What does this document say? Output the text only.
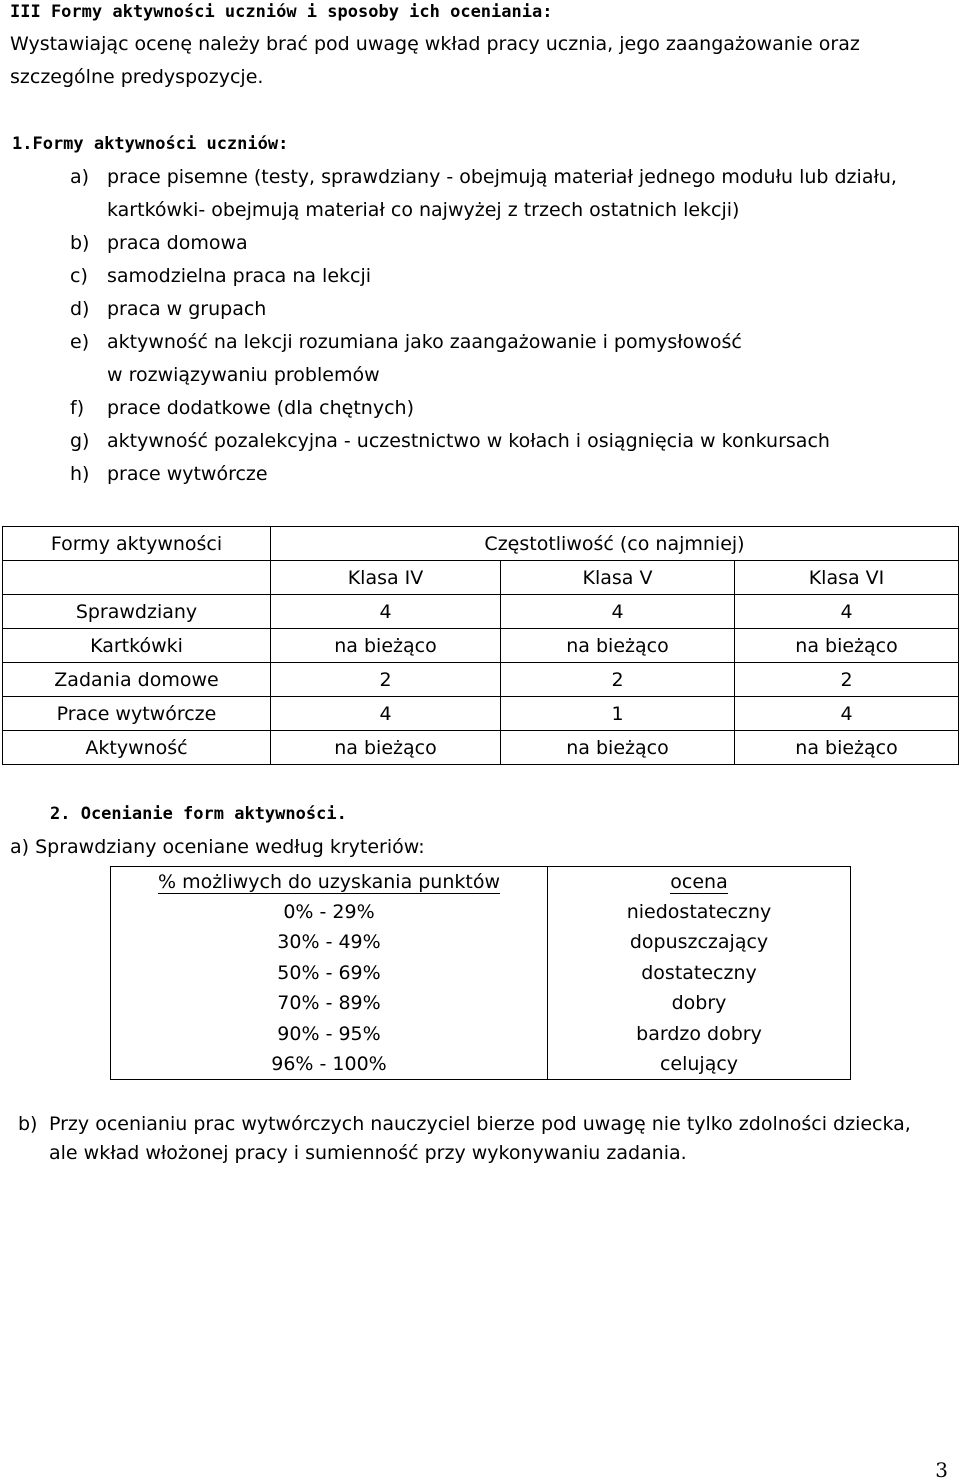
III Formy aktywności uczniów i sposoby ich oceniania:
Wystawiając ocenę należy brać pod uwagę wkład pracy ucznia, jego zaangażowanie oraz
szczególne predyspozycje.
1.Formy aktywności uczniów:
a) prace pisemne (testy, sprawdziany - obejmują materiał jednego modułu lub działu,
kartkówki- obejmują materiał co najwyżej z trzech ostatnich lekcji)
b) praca domowa
c) samodzielna praca na lekcji
d) praca w grupach
e) aktywność na lekcji rozumiana jako zaangażowanie i pomysłowość
w rozwiązywaniu problemów
f) prace dodatkowe (dla chętnych)
g) aktywność pozalekcyjna - uczestnictwo w kołach i osiągnięcia w konkursach
h) prace wytwórcze
Formy aktywności	Częstotliwość (co najmniej)		
	Klasa IV	Klasa V	Klasa VI
Sprawdziany	4	4	4
Kartkówki	na bieżąco	na bieżąco	na bieżąco
Zadania domowe	2	2	2
Prace wytwórcze	4	1	4
Aktywność	na bieżąco	na bieżąco	na bieżąco
2. Ocenianie form aktywności.
a) Sprawdziany oceniane według kryteriów:
% możliwych do uzyskania punktów	ocena
0% - 29%	niedostateczny
30% - 49%	dopuszczający
50% - 69%	dostateczny
70% - 89%	dobry
90% - 95%	bardzo dobry
96% - 100%	celujący
b) Przy ocenianiu prac wytwórczych nauczyciel bierze pod uwagę nie tylko zdolności dziecka,
ale wkład włożonej pracy i sumienność przy wykonywaniu zadania.
3
